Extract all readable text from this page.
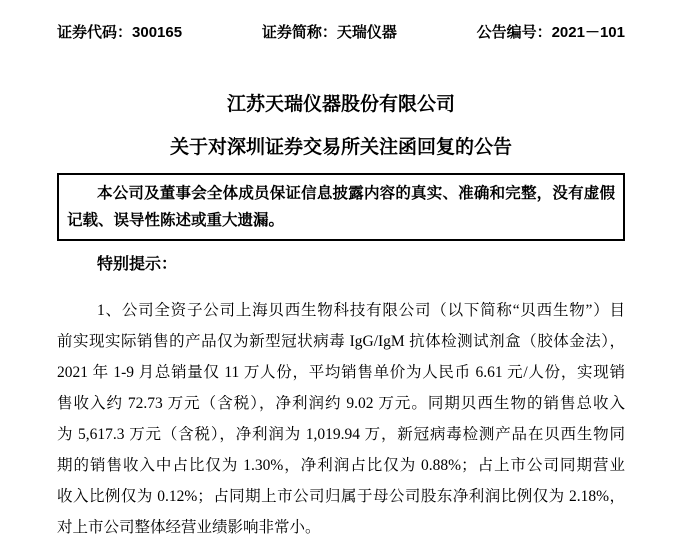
证券代码：300165	证券简称：天瑞仪器	公告编号：2021－101
江苏天瑞仪器股份有限公司
关于对深圳证券交易所关注函回复的公告
本公司及董事会全体成员保证信息披露内容的真实、准确和完整，没有虚假
记载、误导性陈述或重大遗漏。
特别提示：
1、公司全资子公司上海贝西生物科技有限公司（以下简称“贝西生物”）目
前实现实际销售的产品仅为新型冠状病毒 IgG/IgM 抗体检测试剂盒（胶体金法），
2021 年 1-9 月总销量仅 11 万人份，平均销售单价为人民币 6.61 元/人份，实现销
售收入约 72.73 万元（含税），净利润约 9.02 万元。同期贝西生物的销售总收入
为 5,617.3 万元（含税），净利润为 1,019.94 万，新冠病毒检测产品在贝西生物同
期的销售收入中占比仅为 1.30%，净利润占比仅为 0.88%；占上市公司同期营业
收入比例仅为 0.12%；占同期上市公司归属于母公司股东净利润比例仅为 2.18%，
对上市公司整体经营业绩影响非常小。
